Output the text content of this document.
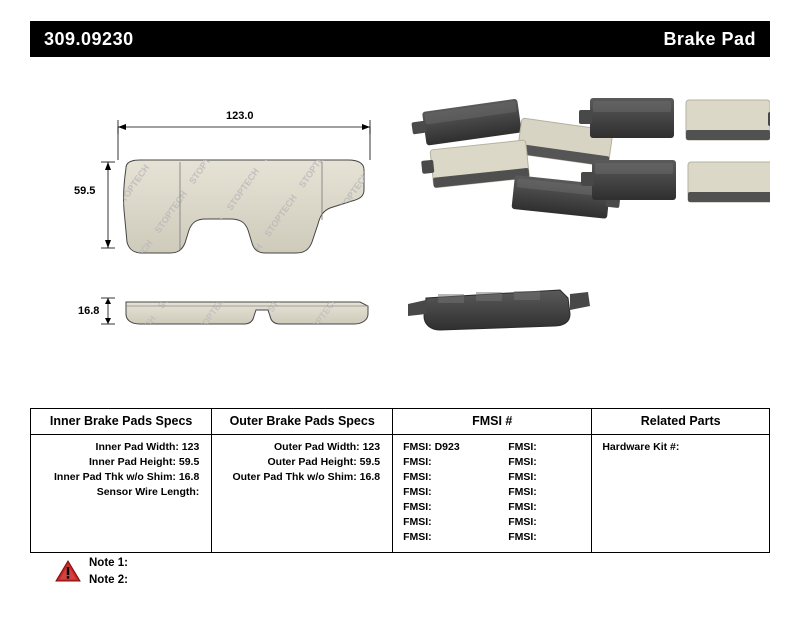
309.09230	Brake Pad
123.0
59.5
16.8
Inner Brake Pads Specs	Outer Brake Pads Specs	FMSI #	Related Parts

Inner Pad Width: 123
Inner Pad Height: 59.5
Inner Pad Thk w/o Shim: 16.8
Sensor Wire Length:

Outer Pad Width: 123
Outer Pad Height: 59.5
Outer Pad Thk w/o Shim: 16.8

FMSI: D923
FMSI:
FMSI:
FMSI:
FMSI:
FMSI:
FMSI:
FMSI:
FMSI:
FMSI:
FMSI:
FMSI:
FMSI:
FMSI:

Hardware Kit #:
Note 1:
Note 2:
